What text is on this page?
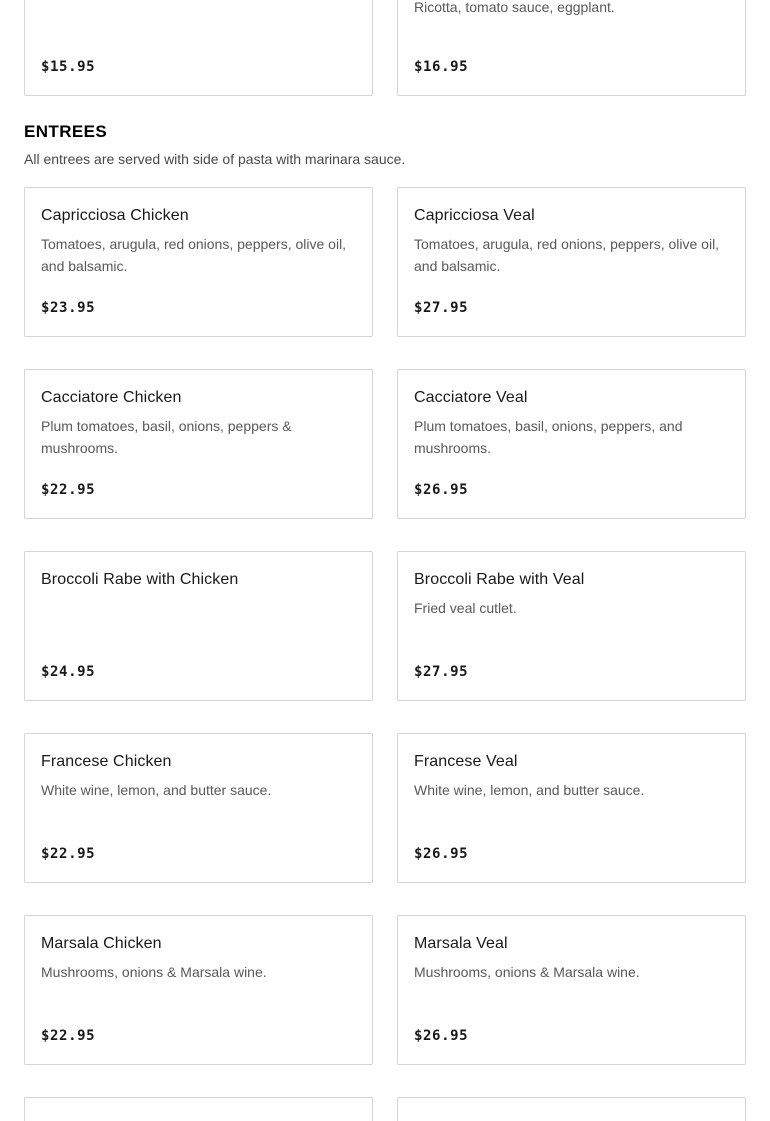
$15.95
Ricotta, tomato sauce, eggplant.
$16.95
ENTREES

All entrees are served with side of pasta with marinara sauce.

Capricciosa Chicken
Tomatoes, arugula, red onions, peppers, olive oil, and balsamic.
$23.95
Capricciosa Veal
Tomatoes, arugula, red onions, peppers, olive oil, and balsamic.
$27.95
Cacciatore Chicken
Plum tomatoes, basil, onions, peppers & mushrooms.
$22.95
Cacciatore Veal
Plum tomatoes, basil, onions, peppers, and mushrooms.
$26.95
Broccoli Rabe with Chicken
$24.95
Broccoli Rabe with Veal
Fried veal cutlet.
$27.95
Francese Chicken
White wine, lemon, and butter sauce.
$22.95
Francese Veal
White wine, lemon, and butter sauce.
$26.95
Marsala Chicken
Mushrooms, onions & Marsala wine.
$22.95
Marsala Veal
Mushrooms, onions & Marsala wine.
$26.95
